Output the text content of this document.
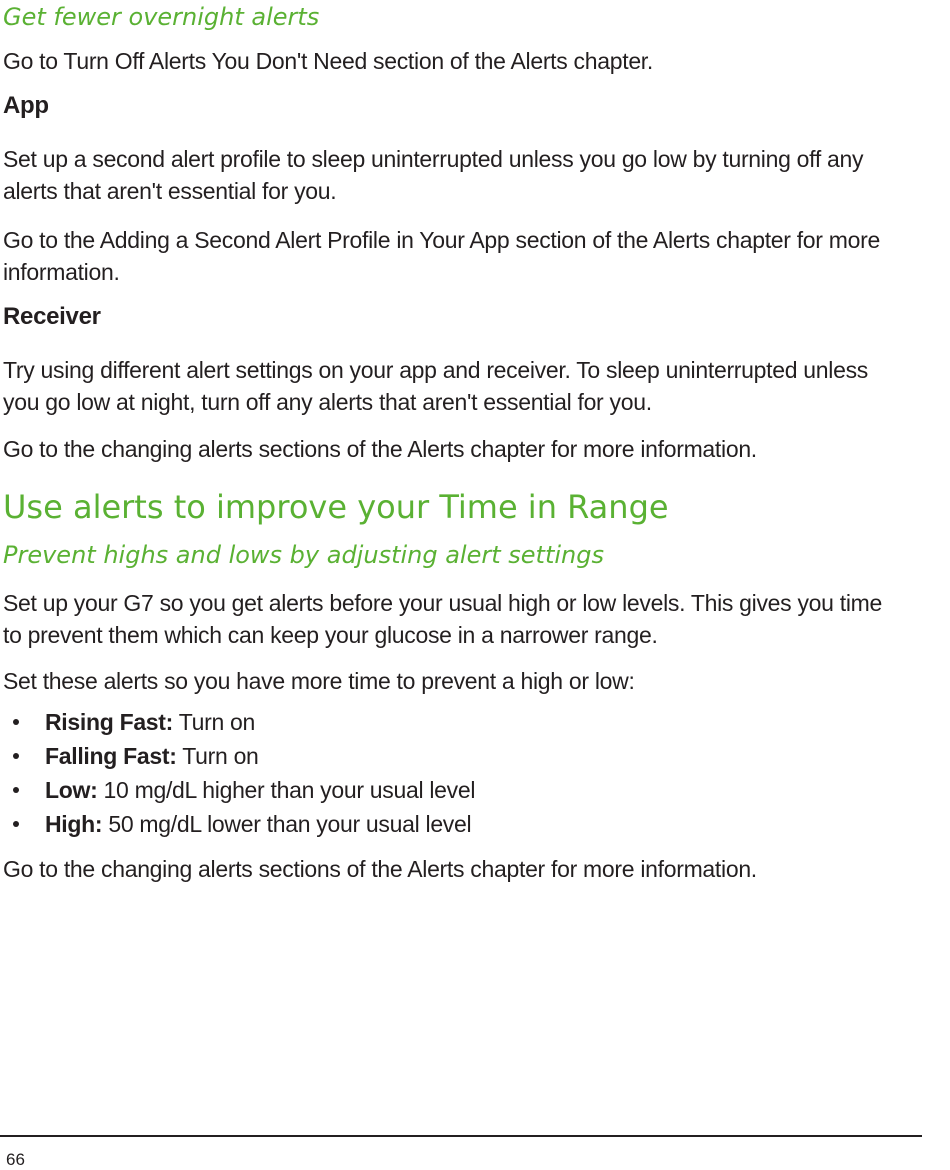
Get fewer overnight alerts
Go to Turn Off Alerts You Don't Need section of the Alerts chapter.
App
Set up a second alert profile to sleep uninterrupted unless you go low by turning off any alerts that aren't essential for you.
Go to the Adding a Second Alert Profile in Your App section of the Alerts chapter for more information.
Receiver
Try using different alert settings on your app and receiver. To sleep uninterrupted unless you go low at night, turn off any alerts that aren't essential for you.
Go to the changing alerts sections of the Alerts chapter for more information.
Use alerts to improve your Time in Range
Prevent highs and lows by adjusting alert settings
Set up your G7 so you get alerts before your usual high or low levels. This gives you time to prevent them which can keep your glucose in a narrower range.
Set these alerts so you have more time to prevent a high or low:
Rising Fast: Turn on
Falling Fast: Turn on
Low: 10 mg/dL higher than your usual level
High: 50 mg/dL lower than your usual level
Go to the changing alerts sections of the Alerts chapter for more information.
66
